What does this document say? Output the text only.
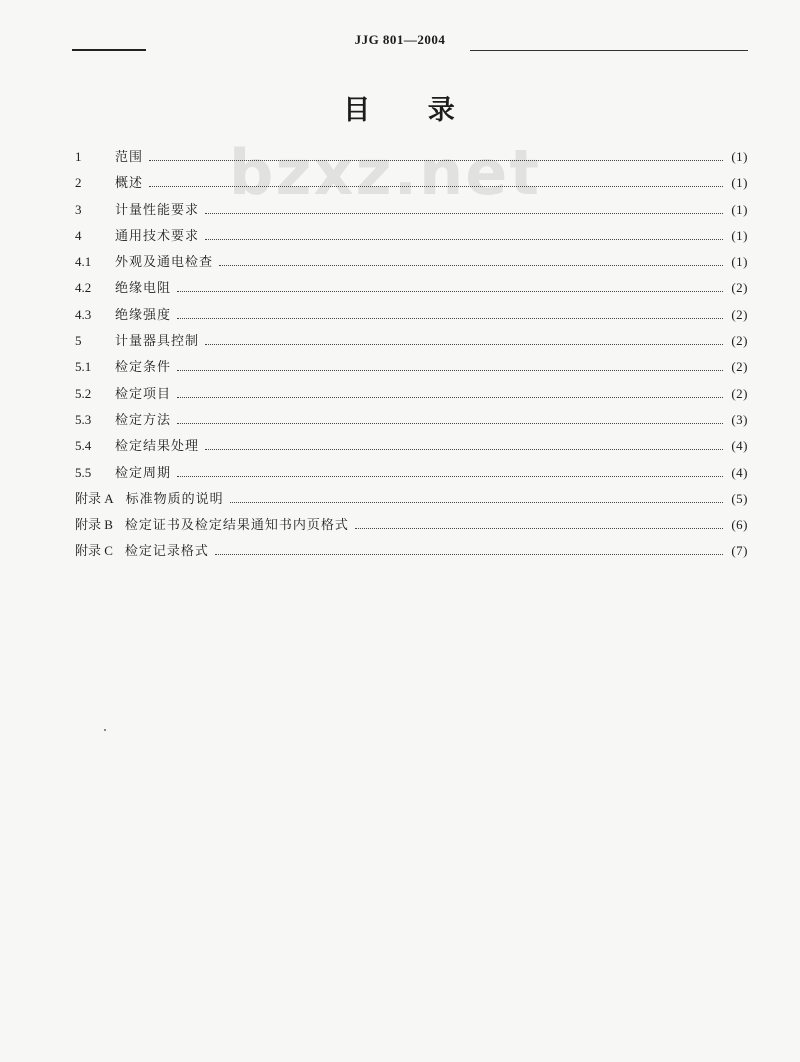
JJG 801—2004
目 录
bzxz.net
1	范围	(1)
2	概述	(1)
3	计量性能要求	(1)
4	通用技术要求	(1)
4.1	外观及通电检查	(1)
4.2	绝缘电阻	(2)
4.3	绝缘强度	(2)
5	计量器具控制	(2)
5.1	检定条件	(2)
5.2	检定项目	(2)
5.3	检定方法	(3)
5.4	检定结果处理	(4)
5.5	检定周期	(4)
附录 A 标准物质的说明	(5)
附录 B 检定证书及检定结果通知书内页格式	(6)
附录 C 检定记录格式	(7)
